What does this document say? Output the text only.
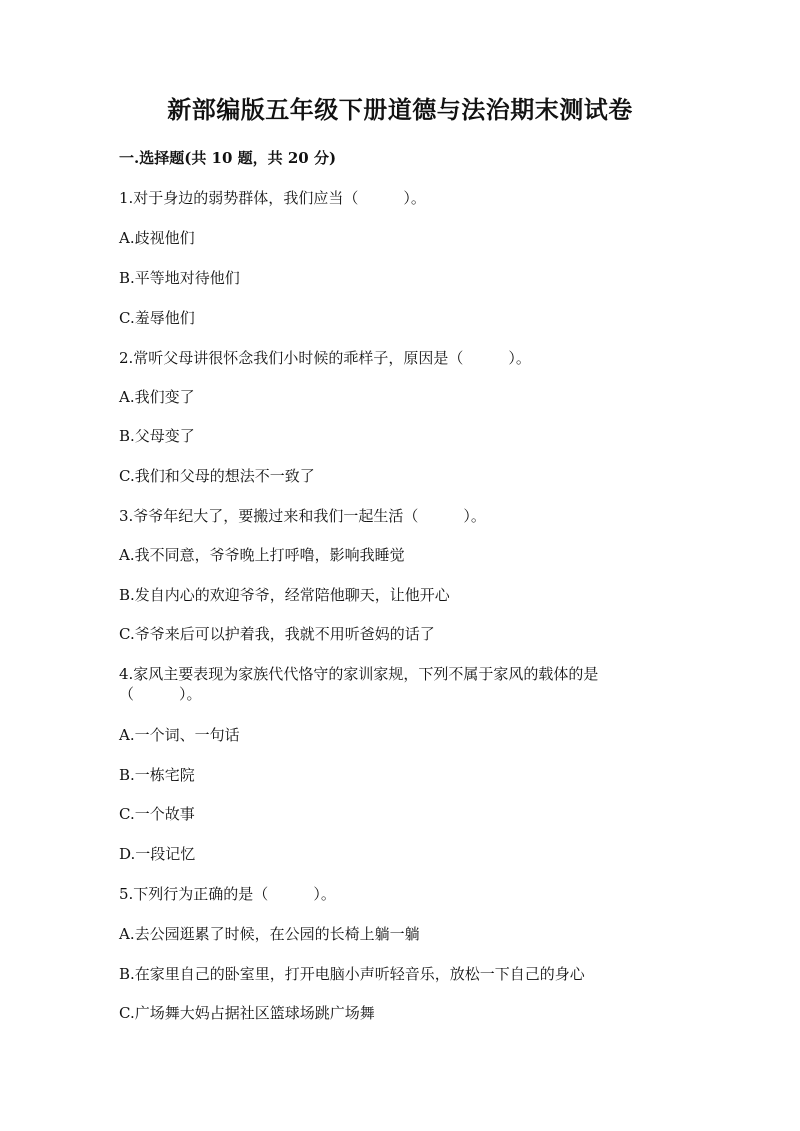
新部编版五年级下册道德与法治期末测试卷
一.选择题(共 10 题，共 20 分)
1.对于身边的弱势群体，我们应当（　　　）。
A.歧视他们
B.平等地对待他们
C.羞辱他们
2.常听父母讲很怀念我们小时候的乖样子，原因是（　　　）。
A.我们变了
B.父母变了
C.我们和父母的想法不一致了
3.爷爷年纪大了，要搬过来和我们一起生活（　　　）。
A.我不同意，爷爷晚上打呼噜，影响我睡觉
B.发自内心的欢迎爷爷，经常陪他聊天，让他开心
C.爷爷来后可以护着我，我就不用听爸妈的话了
4.家风主要表现为家族代代恪守的家训家规，下列不属于家风的载体的是（　　　）。
A.一个词、一句话
B.一栋宅院
C.一个故事
D.一段记忆
5.下列行为正确的是（　　　）。
A.去公园逛累了时候，在公园的长椅上躺一躺
B.在家里自己的卧室里，打开电脑小声听轻音乐，放松一下自己的身心
C.广场舞大妈占据社区篮球场跳广场舞
